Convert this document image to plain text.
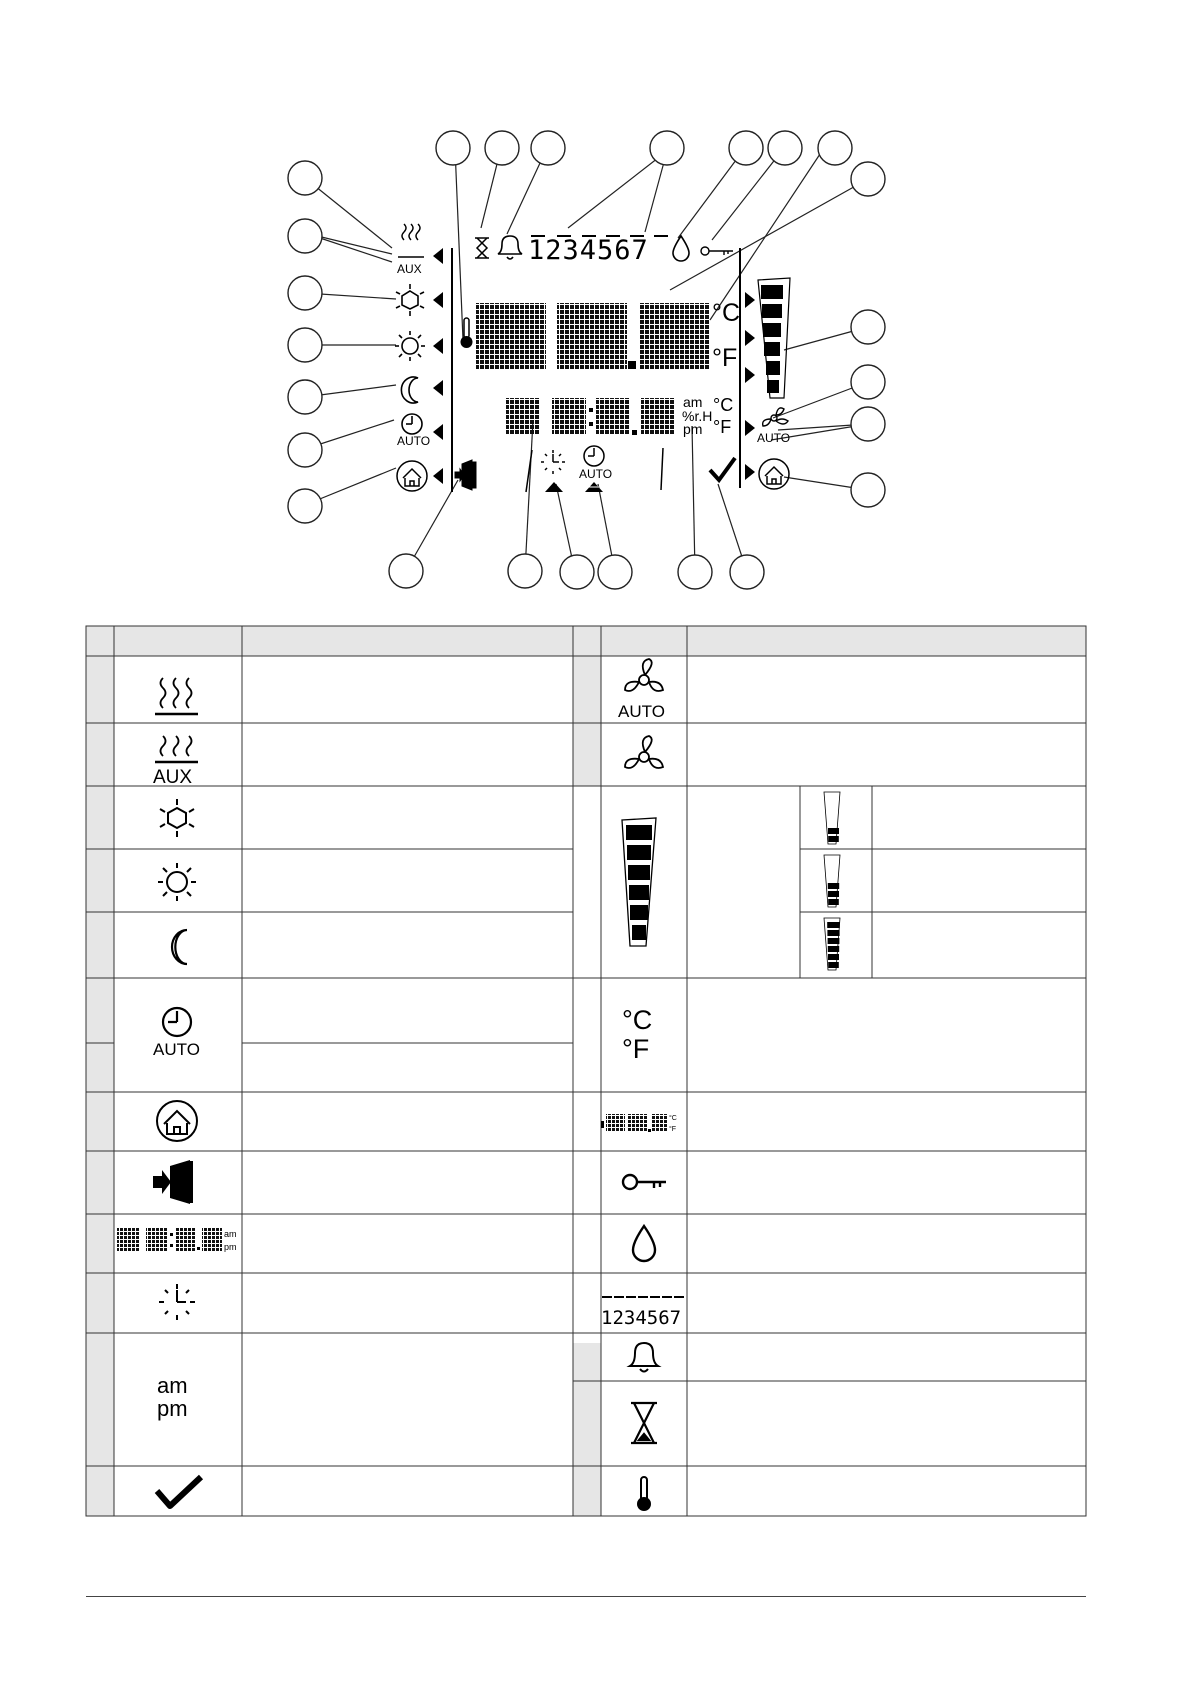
AUX
AUTO
1234567
°C
°F
am
%r.H
pm
°C
°F
AUTO
AUTO
AUX
AUTO
am
pm
am
pm
AUTO
°C
°F
°C
°F
1234567
